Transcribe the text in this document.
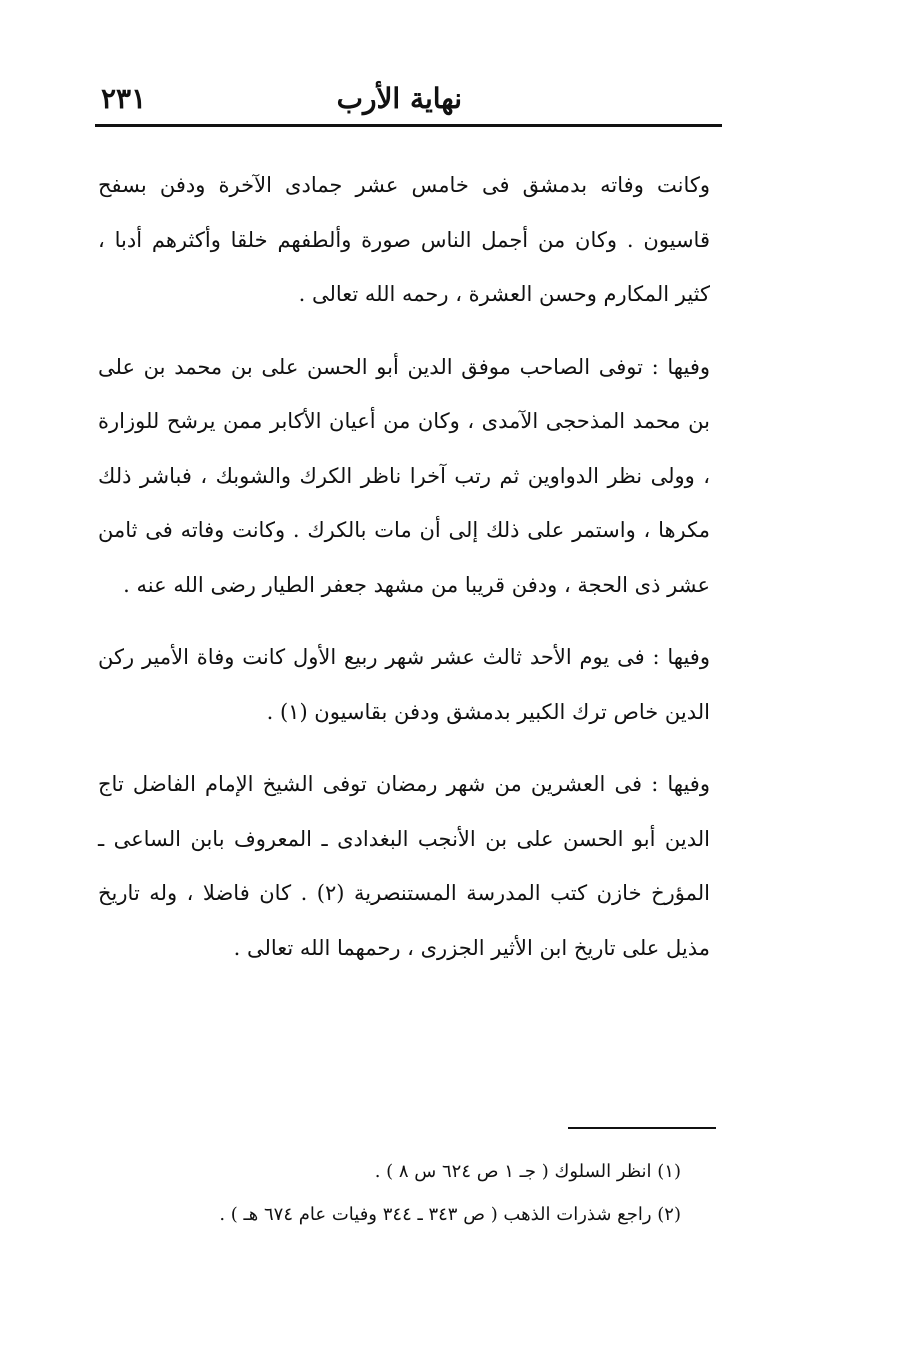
نهاية الأرب
٢٣١

وكانت وفاته بدمشق فى خامس عشر جمادى الآخرة ودفن بسفح قاسيون . وكان من أجمل الناس صورة وألطفهم خلقا وأكثرهم أدبا ، كثير المكارم وحسن العشرة ، رحمه الله تعالى .

وفيها : توفى الصاحب موفق الدين أبو الحسن على بن محمد بن على بن محمد المذحجى الآمدى ، وكان من أعيان الأكابر ممن يرشح للوزارة ، وولى نظر الدواوين ثم رتب آخرا ناظر الكرك والشوبك ، فباشر ذلك مكرها ، واستمر على ذلك إلى أن مات بالكرك . وكانت وفاته فى ثامن عشر ذى الحجة ، ودفن قريبا من مشهد جعفر الطيار رضى الله عنه .

وفيها : فى يوم الأحد ثالث عشر شهر ربيع الأول كانت وفاة الأمير ركن الدين خاص ترك الكبير بدمشق ودفن بقاسيون (١) .

وفيها : فى العشرين من شهر رمضان توفى الشيخ الإمام الفاضل تاج الدين أبو الحسن على بن الأنجب البغدادى ـ المعروف بابن الساعى ـ المؤرخ خازن كتب المدرسة المستنصرية (٢) . كان فاضلا ، وله تاريخ مذيل على تاريخ ابن الأثير الجزرى ، رحمهما الله تعالى .

(١) انظر السلوك ( جـ ١ ص ٦٢٤ س ٨ ) .
(٢) راجع شذرات الذهب ( ص ٣٤٣ ـ ٣٤٤ وفيات عام ٦٧٤ هـ ) .
